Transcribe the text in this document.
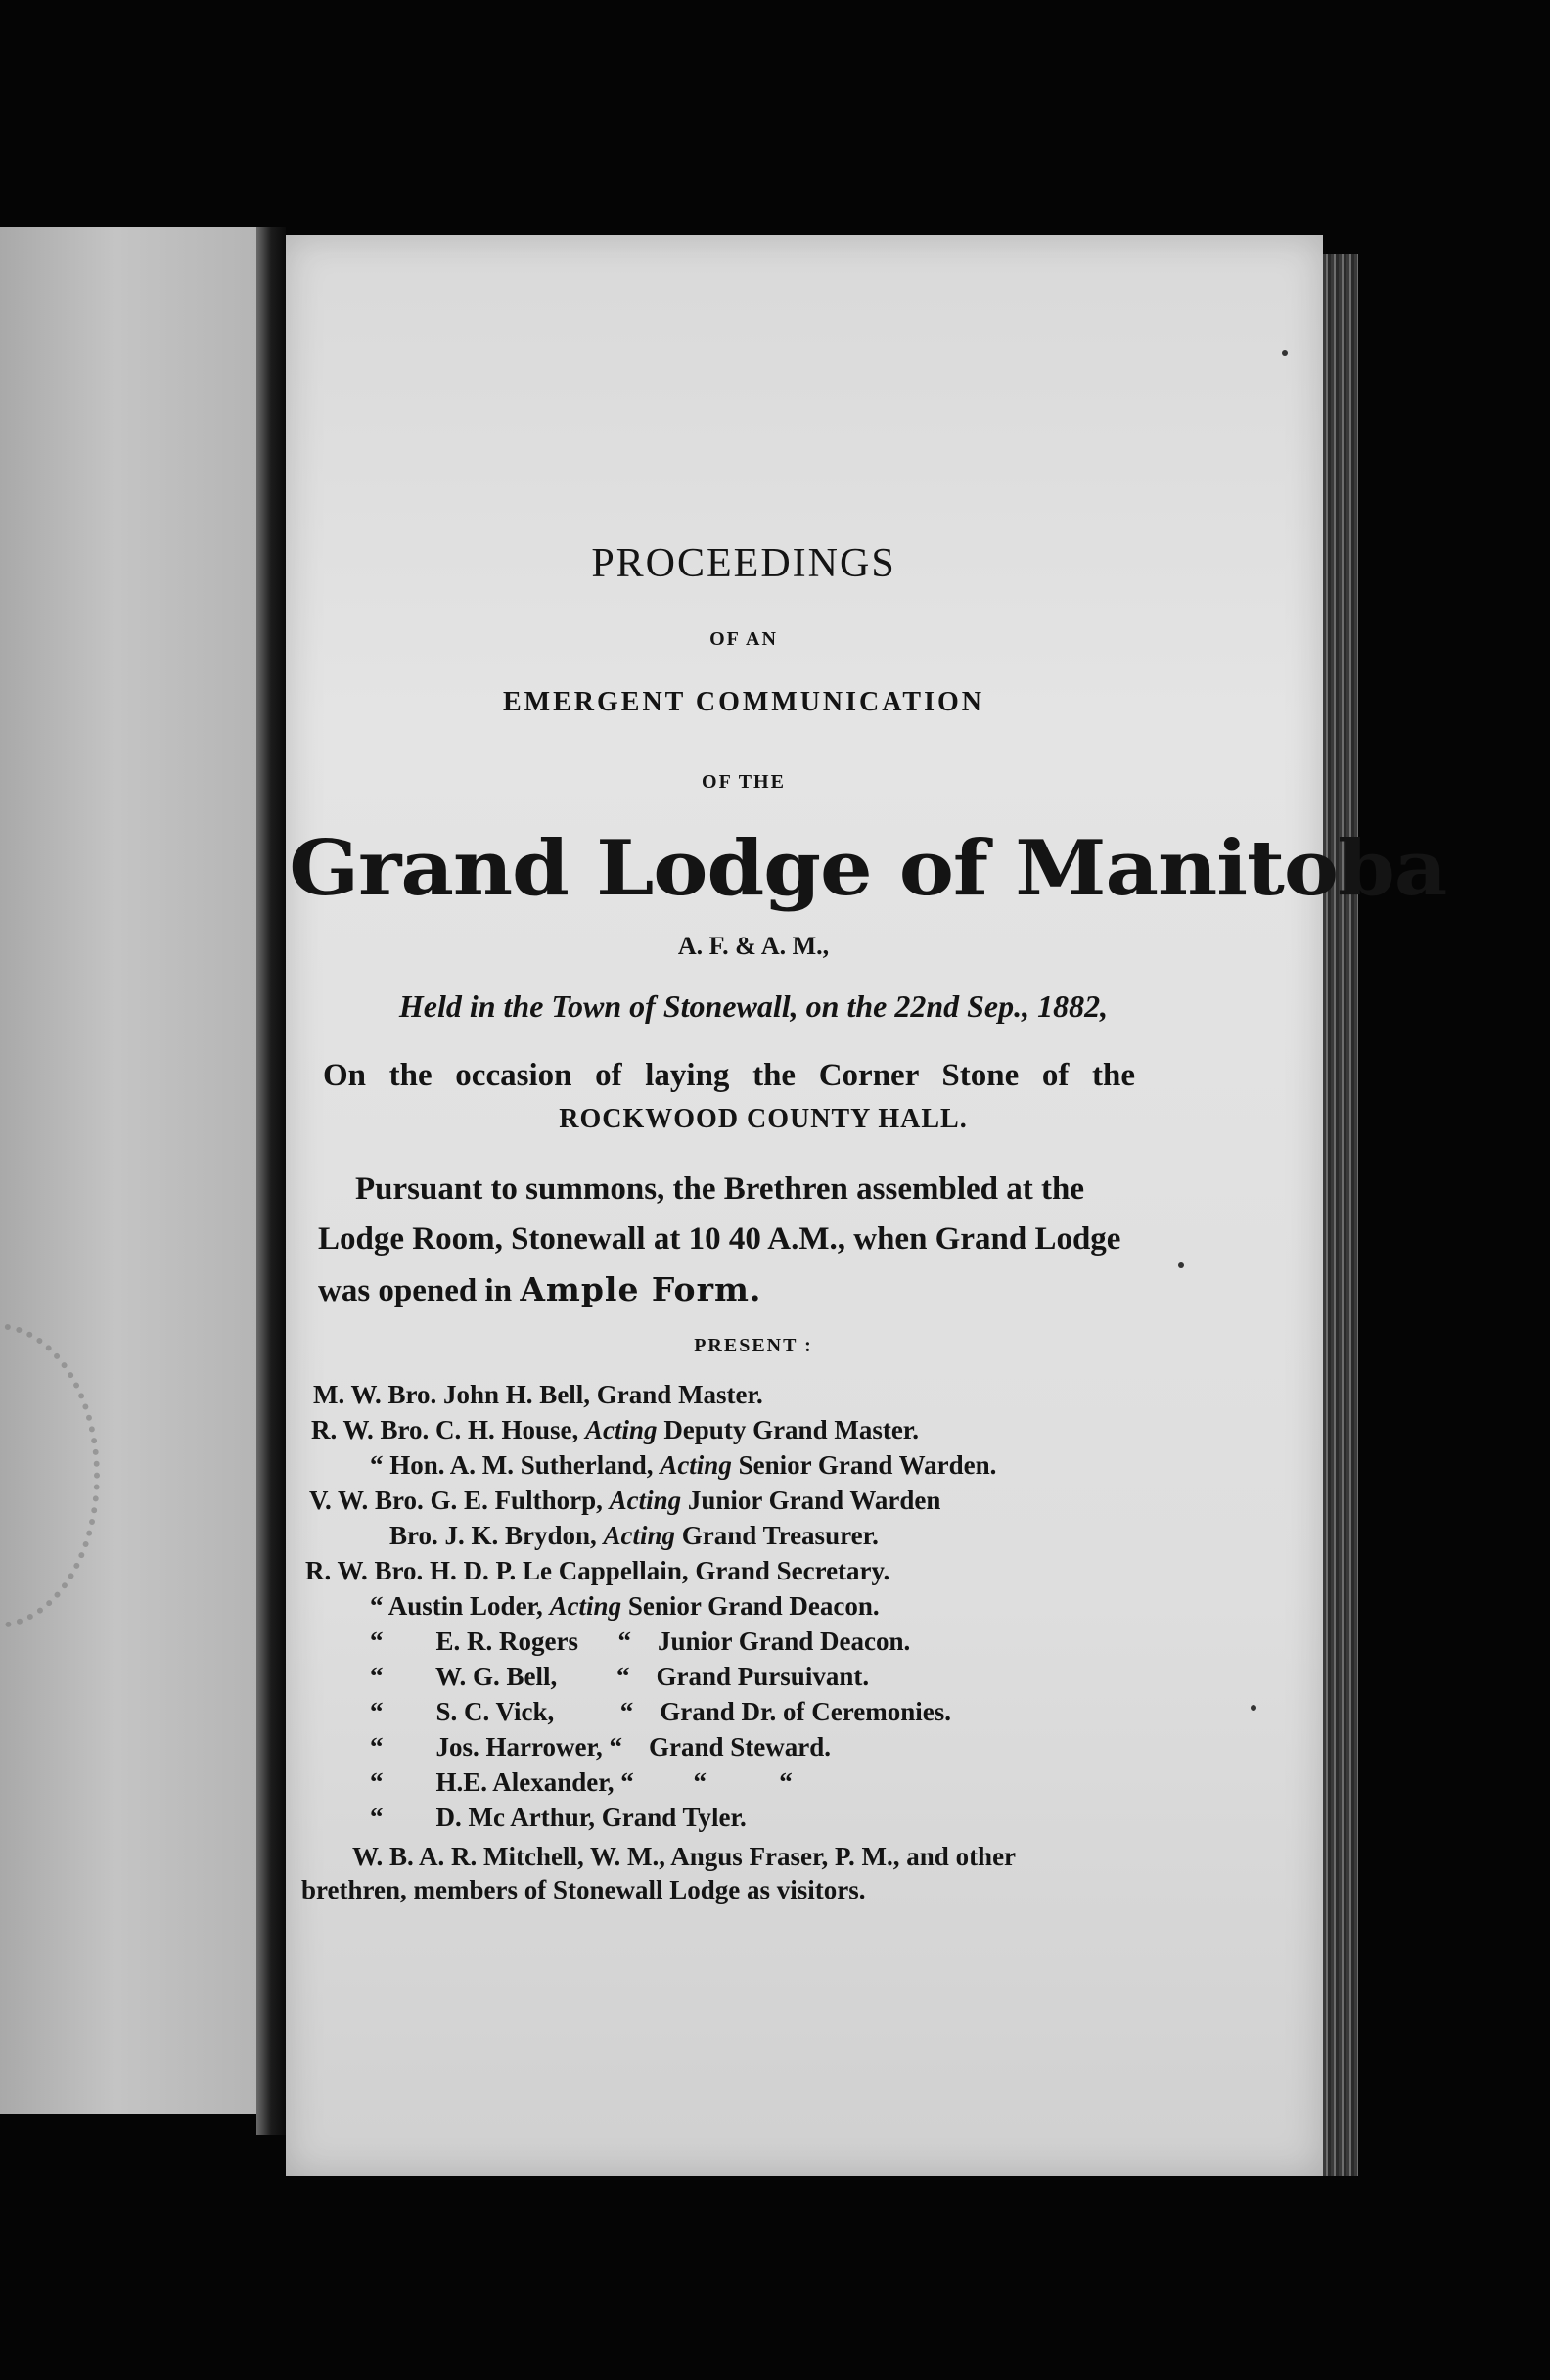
PROCEEDINGS
OF AN
EMERGENT COMMUNICATION
OF THE
Grand Lodge of Manitoba
A. F. & A. M.,
Held in the Town of Stonewall, on the 22nd Sep., 1882,
On the occasion of laying the Corner Stone of the
ROCKWOOD COUNTY HALL.
Pursuant to summons, the Brethren assembled at the
Lodge Room, Stonewall at 10 40 A.M., when Grand Lodge
was opened in Ample Form.
PRESENT :
M. W. Bro. John H. Bell, Grand Master.
R. W. Bro. C. H. House, Acting Deputy Grand Master.
“ Hon. A. M. Sutherland, Acting Senior Grand Warden.
V. W. Bro. G. E. Fulthorp, Acting Junior Grand Warden
Bro. J. K. Brydon, Acting Grand Treasurer.
R. W. Bro. H. D. P. Le Cappellain, Grand Secretary.
“ Austin Loder, Acting Senior Grand Deacon.
“        E. R. Rogers      “    Junior Grand Deacon.
“        W. G. Bell,         “    Grand Pursuivant.
“        S. C. Vick,          “    Grand Dr. of Ceremonies.
“        Jos. Harrower, “    Grand Steward.
“        H.E. Alexander, “         “           “
“        D. Mc Arthur, Grand Tyler.
W. B. A. R. Mitchell, W. M., Angus Fraser, P. M., and other
brethren, members of Stonewall Lodge as visitors.
